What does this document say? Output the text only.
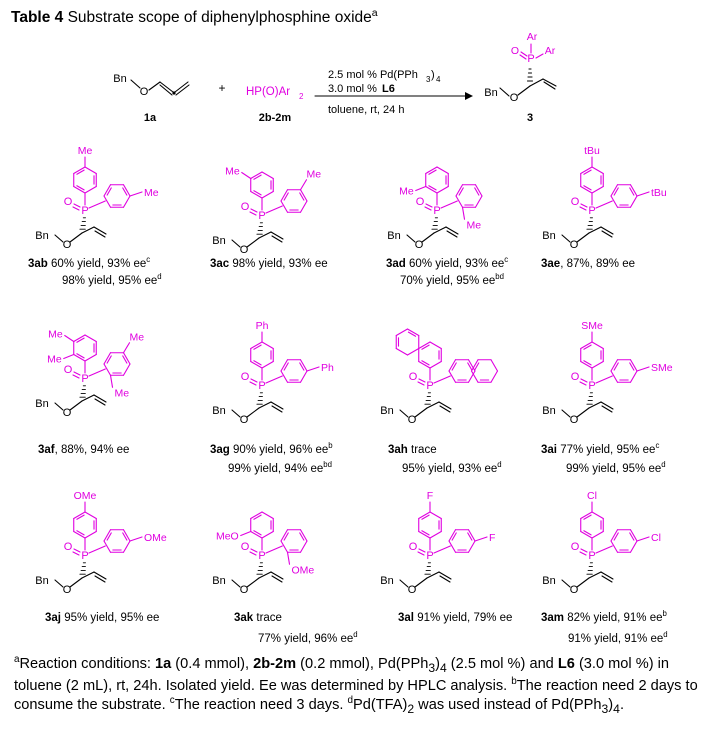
Table 4 Substrate scope of diphenylphosphine oxide$^a$
Bn
O
1a
+ HP(O)Ar 2
2b-2m
2.5 mol % Pd(PPh 3 ) 4
3.0 mol % L6
toluene, rt, 24 h
O
P
Ar
Ar
O
Bn
3
P
O
O
Bn
Me
Me
P
O
O
Bn
Me	Me
P
O
O
Bn
Me
Me
P
O
O
Bn
tBu
tBu
P
O
O
Bn
Me	Me
Me
Me
P
O
O
Bn
Ph
Ph
P
O
O
Bn
P
O
O
Bn
SMe
SMe
P
O
O
Bn
OMe
OMe
P
O
O
Bn
MeO
OMe
P
O
O
Bn
F
F
P
O
O
Bn
Cl
Cl
3ab 60% yield, 93% $ee^c$
98% yield, 95% $ee^d$
3ac 98% yield, 93% ee	3ad 60% yield, 93% $ee^c$
70% yield, 95% $ee^{bd}$
3ae, 87%, 89% ee
3af, 88%, 94% ee	3ag 90% yield, 96% $ee^b$
99% yield, 94% $ee^{bd}$
3ah trace
95% yield, 93% $ee^d$
3ai 77% yield, 95% $ee^c$
99% yield, 95% $ee^d$
3aj 95% yield, 95% ee	3ak trace
77% yield, 96% $ee^d$
3al 91% yield, 79% ee 3am 82% yield, 91% $ee^b$
91% yield, 91% $ee^d$
$^a$Reaction conditions: 1a (0.4 mmol), 2b-2m (0.2 mmol), $Pd(PPh_3)_4$ (2.5 mol %) and L6 (3.0 mol %) in toluene (2 mL), rt, 24h. Isolated yield. Ee was determined by HPLC analysis. $^b$The reaction need 2 days to consume the substrate. $^c$The reaction need 3 days. $^dPd(TFA)_2$ was used instead of $Pd(PPh_3)_4$.
